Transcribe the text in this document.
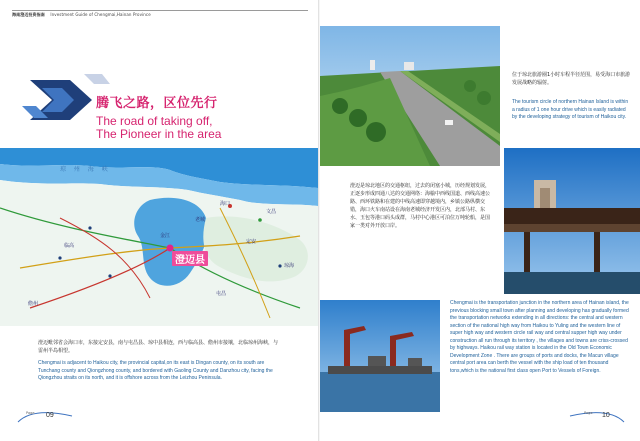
海南澄迈投资指南 Investment Guide of Chengmai,Hainan Province
腾飞之路，区位先行
The road of taking off,
The Pioneer in the area
琼 州 海 峡
海口
老城
金江
琼海
文昌
儋州
临高
定安
屯昌
澄迈县
澄迈毗邻省会海口市，东接定安县，南与屯昌县、琼中县相连，西与临高县、儋州市接壤，北临琼州海峡，与雷州半岛相望。
Chengmai is adjacent to Haikou city, the provincial capital,on its east is Dingan county, on its south are Tunchang county and Qiongzhong county, and bordered with Gaoling County and Danzhou city, facing the Qiongzhou straits on its north, and it is offshore across from the Leizhou Peninsula.
Page 09
位于琼北旅游圈1小时车程半径范围，易受海口市旅游发展战略的辐射。
The tourism circle of northern Hainan Island is within a radius of 1 one hour drive which is easily radiated by the developing strategy of tourism of Haikou city.
澄迈是琼北地区的交通枢纽，过去的闭塞小城，历经规划发展，正逐步形成四通八达的交通网络：海榆中西线国道、西线高速公路、西环铁路和在建的中线高速即穿越境内，乡镇公路纵横交错，海口火车南站设在海南老城经济开发区内，北部马村、东水、玉包等港口码头成群，马村中心港区可泊位万吨轮船，是国家一类对外开放口岸。
Chengmai is the transportation junction in the northern area of Hainan island, the previous blocking small town after planning and developing has gradually formed the transportation networks extending in all directions: the central and western section of the national high way from Haikou to Yuling and the western line of super high way and western circle rail way and central supper high way under construction all run through its territory , the villages and towns are criss-crossed by highways. Haikou rail way station is located in the Old Town Economic Development Zone . There are groups of ports and docks, the Macun village central port area can berth the vessel with the ship load of ten thousand tons,which is the national first class open Port to Vessels of Foreign.
Page 10
